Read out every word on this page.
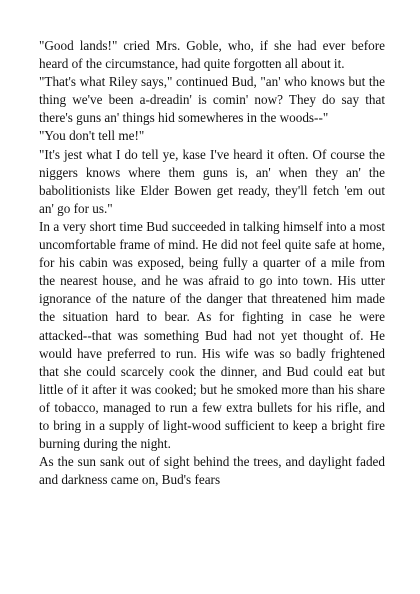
"Good lands!" cried Mrs. Goble, who, if she had ever before heard of the circumstance, had quite forgotten all about it.

"That's what Riley says," continued Bud, "an' who knows but the thing we've been a-dreadin' is comin' now? They do say that there's guns an' things hid somewheres in the woods--"

"You don't tell me!"

"It's jest what I do tell ye, kase I've heard it often. Of course the niggers knows where them guns is, an' when they an' the babolitionists like Elder Bowen get ready, they'll fetch 'em out an' go for us."

In a very short time Bud succeeded in talking himself into a most uncomfortable frame of mind. He did not feel quite safe at home, for his cabin was exposed, being fully a quarter of a mile from the nearest house, and he was afraid to go into town. His utter ignorance of the nature of the danger that threatened him made the situation hard to bear. As for fighting in case he were attacked--that was something Bud had not yet thought of. He would have preferred to run. His wife was so badly frightened that she could scarcely cook the dinner, and Bud could eat but little of it after it was cooked; but he smoked more than his share of tobacco, managed to run a few extra bullets for his rifle, and to bring in a supply of light-wood sufficient to keep a bright fire burning during the night.

As the sun sank out of sight behind the trees, and daylight faded and darkness came on, Bud's fears
